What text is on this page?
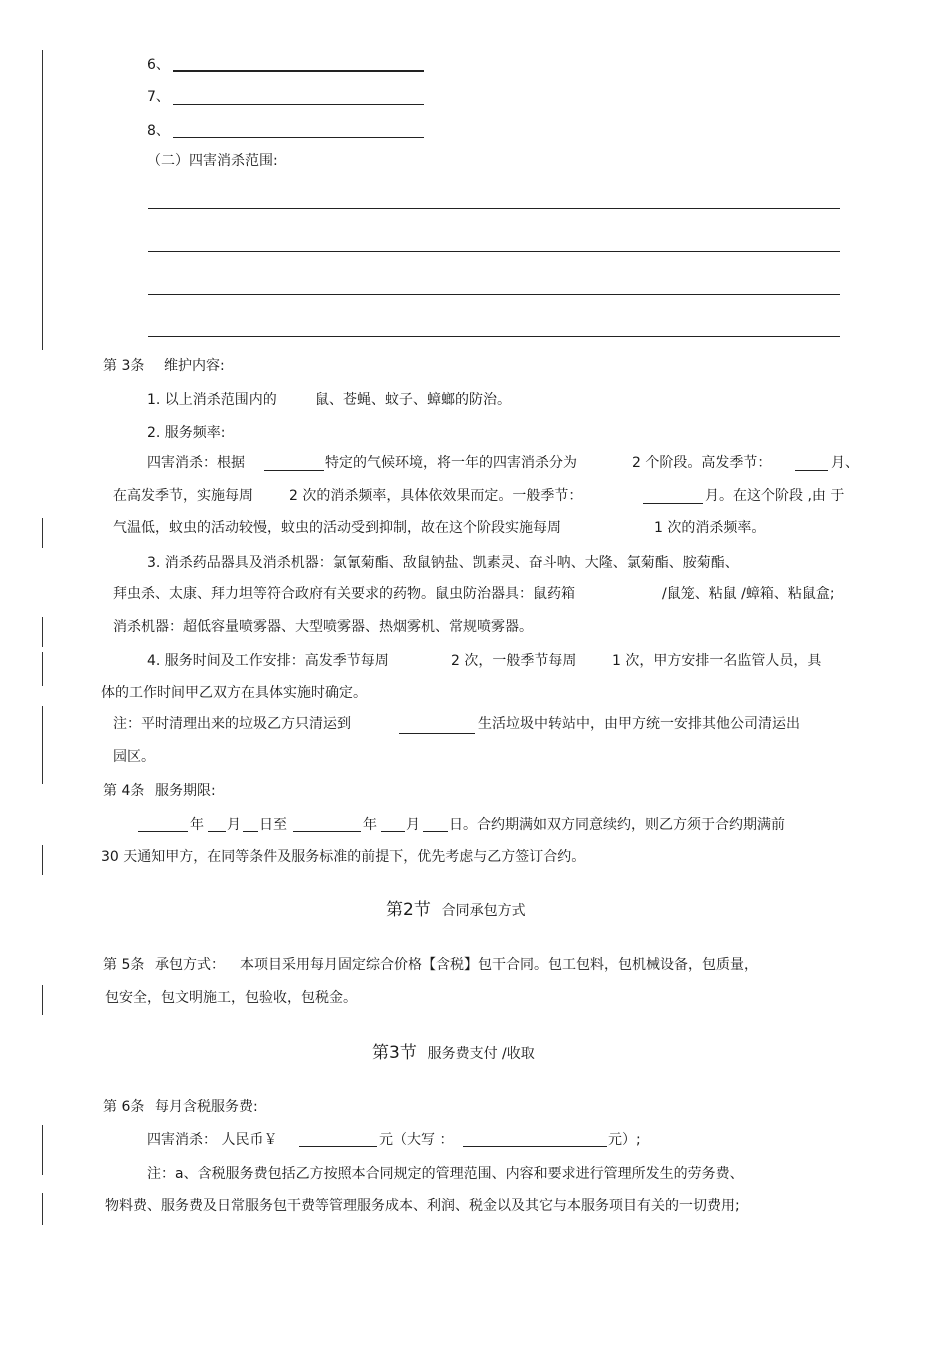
6、
7、
8、
（二）四害消杀范围:
第 3条 维护内容:
1. 以上消杀范围内的	鼠、苍蝇、蚊子、蟑螂的防治。
2. 服务频率:
四害消杀：根据	特定的气候环境，将一年的四害消杀分为	2 个阶段。高发季节：	月、
在高发季节，实施每周	2 次的消杀频率，具体依效果而定。一般季节：	月。在这个阶段 ,由 于
气温低，蚊虫的活动较慢，蚊虫的活动受到抑制，故在这个阶段实施每周	1 次的消杀频率。
3. 消杀药品器具及消杀机器：氯氰菊酯、敌鼠钠盐、凯素灵、奋斗呐、大隆、氯菊酯、胺菊酯、
拜虫杀、太康、拜力坦等符合政府有关要求的药物。鼠虫防治器具：鼠药箱	/鼠笼、粘鼠 /蟑箱、粘鼠盒;
消杀机器：超低容量喷雾器、大型喷雾器、热烟雾机、常规喷雾器。
4. 服务时间及工作安排：高发季节每周	2 次，一般季节每周	1 次，甲方安排一名监管人员，具
体的工作时间甲乙双方在具体实施时确定。
注：平时清理出来的垃圾乙方只清运到	生活垃圾中转站中，由甲方统一安排其他公司清运出
园区。
第 4条 服务期限:
年 月 日至	年 月 日。合约期满如双方同意续约，则乙方须于合约期满前
30 天通知甲方，在同等条件及服务标准的前提下，优先考虑与乙方签订合约。
第2节 合同承包方式
第 5条 承包方式： 本项目采用每月固定综合价格【含税】包干合同。包工包料，包机械设备，包质量，
包安全，包文明施工，包验收，包税金。
第3节 服务费支付 /收取
第 6条 每月含税服务费:
四害消杀： 人民币￥	元（大写 ：	元）;
注：a、含税服务费包括乙方按照本合同规定的管理范围、内容和要求进行管理所发生的劳务费、
物料费、服务费及日常服务包干费等管理服务成本、利润、税金以及其它与本服务项目有关的一切费用;
